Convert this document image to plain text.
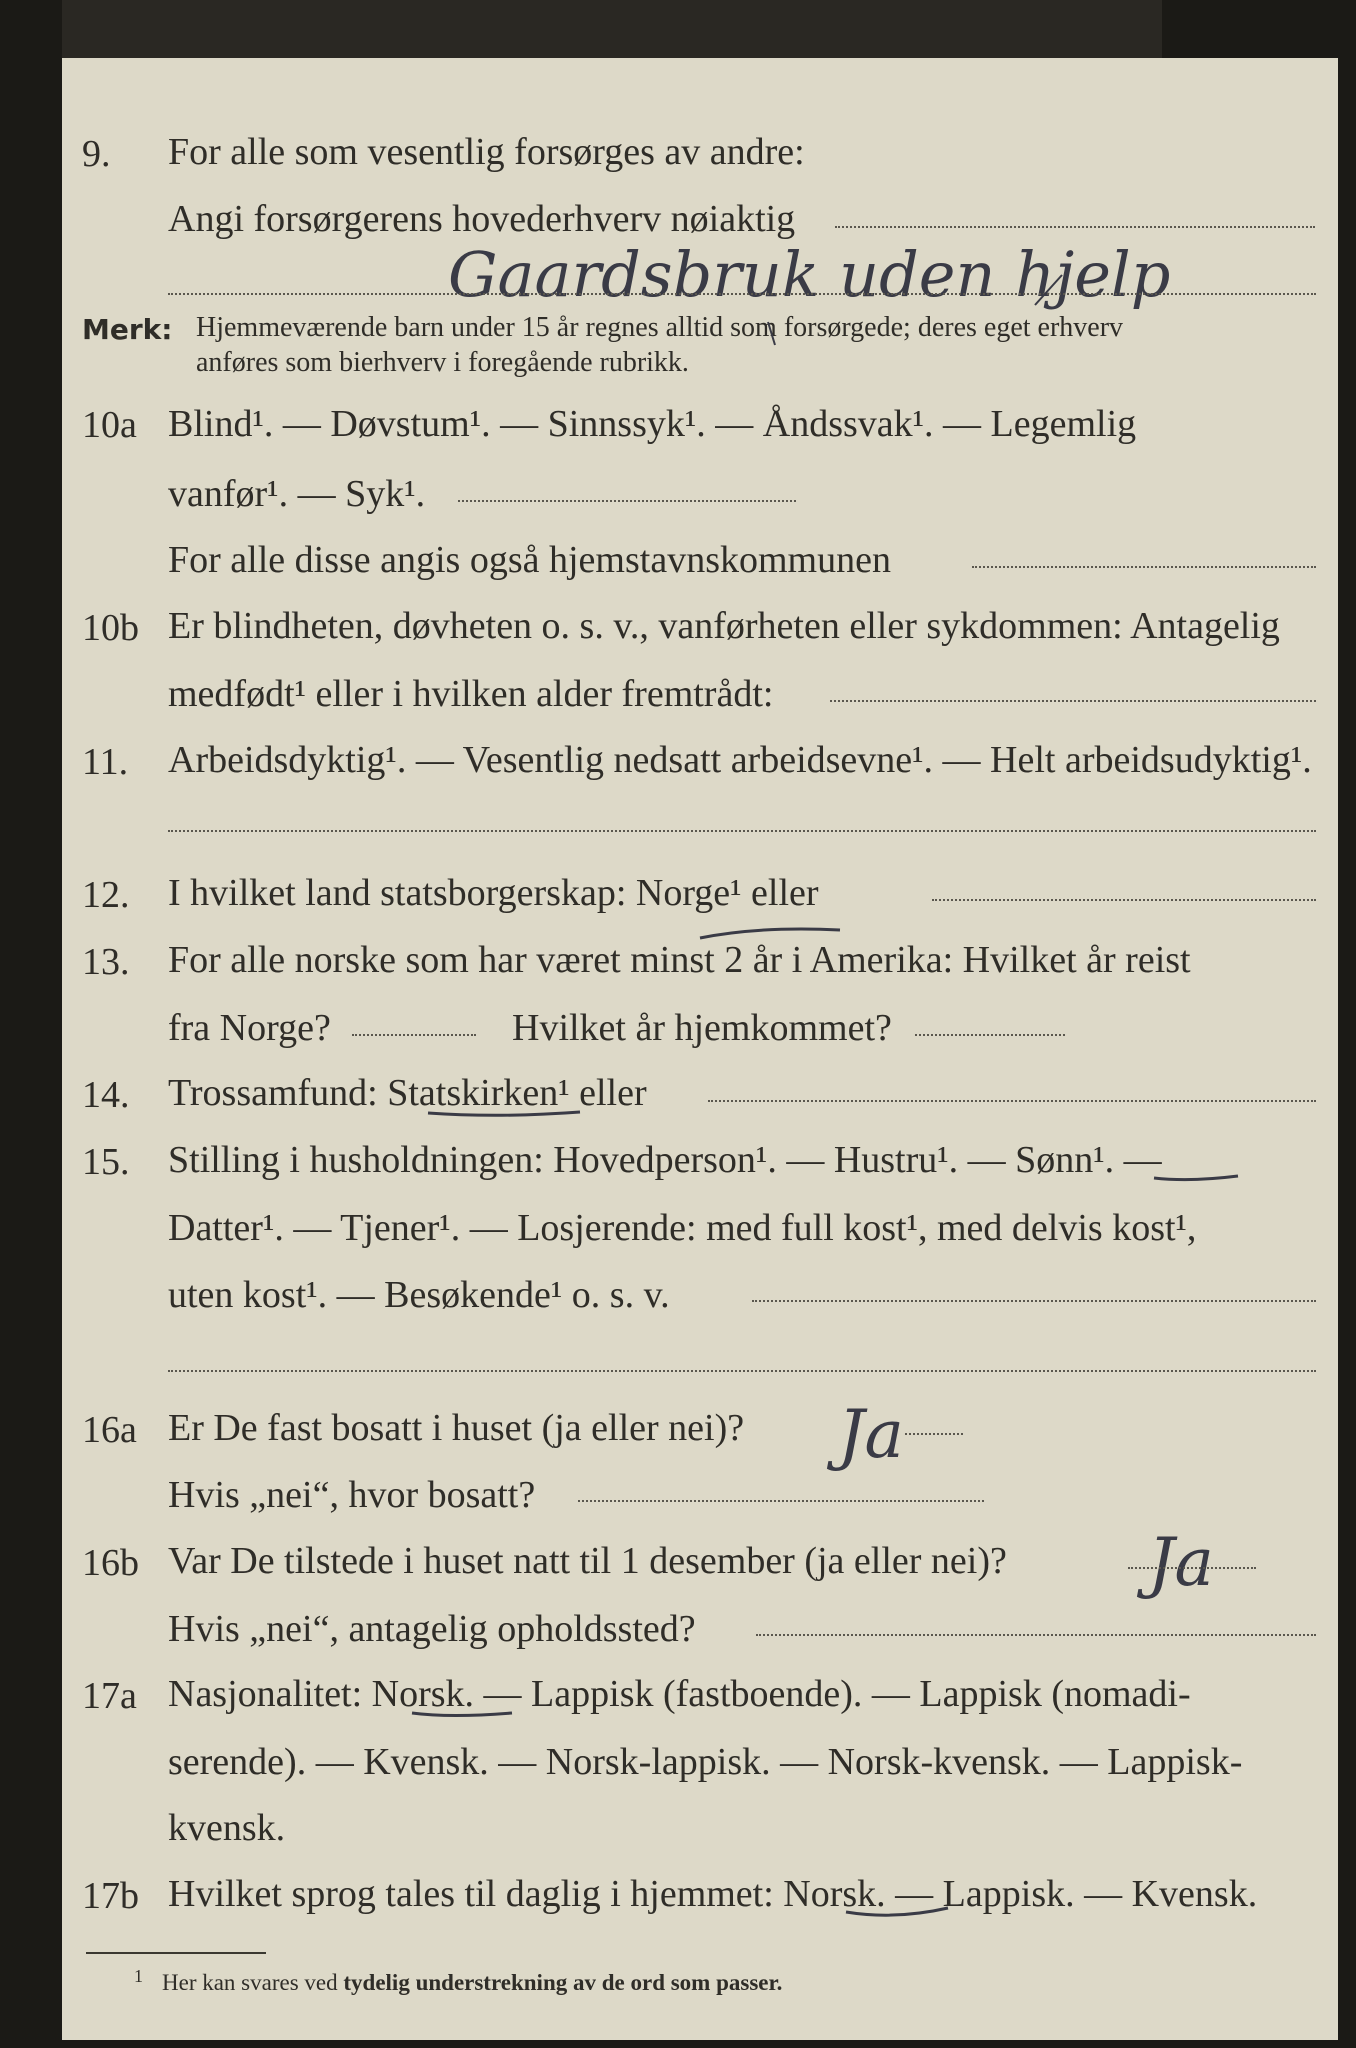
9. For alle som vesentlig forsørges av andre:
Angi forsørgerens hovederhverv nøiaktig
Gaardsbruk uden hjelp
Merk: Hjemmeværende barn under 15 år regnes alltid som forsørgede; deres eget erhverv
anføres som bierhverv i foregående rubrikk.
10a Blind¹. — Døvstum¹. — Sinnssyk¹. — Åndssvak¹. — Legemlig
vanfør¹. — Syk¹.
For alle disse angis også hjemstavnskommunen
10b Er blindheten, døvheten o. s. v., vanførheten eller sykdommen: Antagelig
medfødt¹ eller i hvilken alder fremtrådt:
11. Arbeidsdyktig¹. — Vesentlig nedsatt arbeidsevne¹. — Helt arbeidsudyktig¹.
12. I hvilket land statsborgerskap: Norge¹ eller
13. For alle norske som har været minst 2 år i Amerika: Hvilket år reist
fra Norge?	Hvilket år hjemkommet?
14. Trossamfund: Statskirken¹ eller
15. Stilling i husholdningen: Hovedperson¹. — Hustru¹. — Sønn¹. —
Datter¹. — Tjener¹. — Losjerende: med full kost¹, med delvis kost¹,
uten kost¹. — Besøkende¹ o. s. v.
16a Er De fast bosatt i huset (ja eller nei)? Ja
Hvis „nei“, hvor bosatt?
16b Var De tilstede i huset natt til 1 desember (ja eller nei)? Ja
Hvis „nei“, antagelig opholdssted?
17a Nasjonalitet: Norsk. — Lappisk (fastboende). — Lappisk (nomadi-
serende). — Kvensk. — Norsk-lappisk. — Norsk-kvensk. — Lappisk-
kvensk.
17b Hvilket sprog tales til daglig i hjemmet: Norsk. — Lappisk. — Kvensk.
1 Her kan svares ved tydelig understrekning av de ord som passer.
